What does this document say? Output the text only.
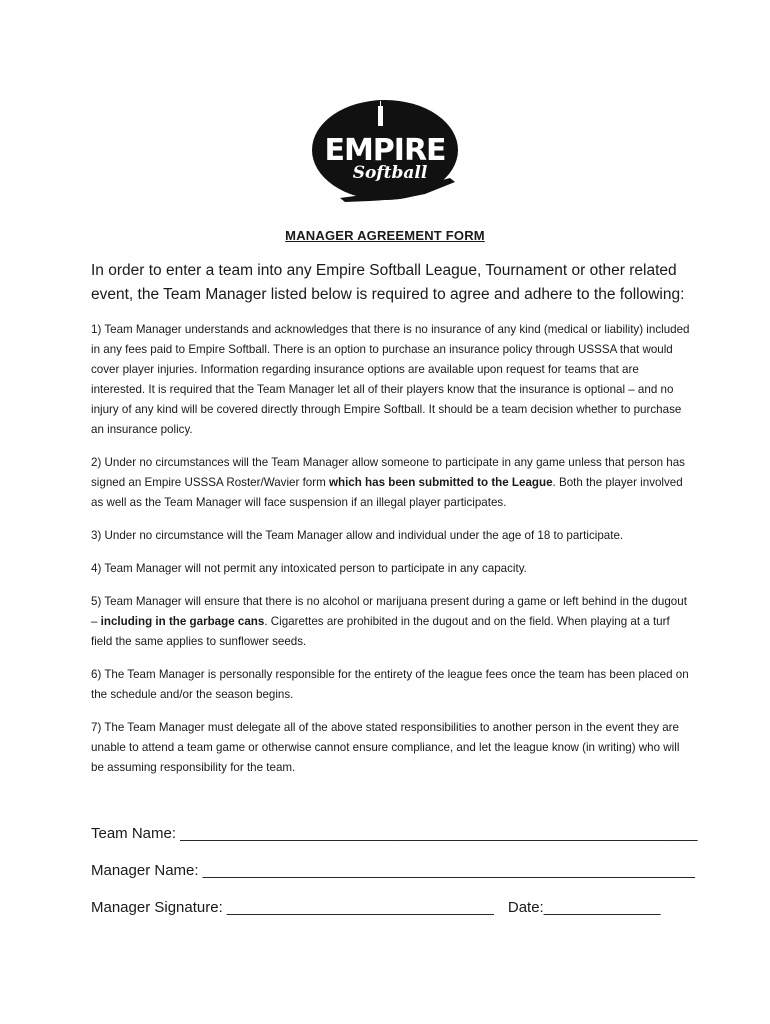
EMPIRE
Softball
MANAGER AGREEMENT FORM
In order to enter a team into any Empire Softball League, Tournament or other related event, the Team Manager listed below is required to agree and adhere to the following:

1) Team Manager understands and acknowledges that there is no insurance of any kind (medical or liability) included in any fees paid to Empire Softball. There is an option to purchase an insurance policy through USSSA that would cover player injuries. Information regarding insurance options are available upon request for teams that are interested. It is required that the Team Manager let all of their players know that the insurance is optional – and no injury of any kind will be covered directly through Empire Softball. It should be a team decision whether to purchase an insurance policy.

2) Under no circumstances will the Team Manager allow someone to participate in any game unless that person has signed an Empire USSSA Roster/Wavier form which has been submitted to the League. Both the player involved as well as the Team Manager will face suspension if an illegal player participates.

3) Under no circumstance will the Team Manager allow and individual under the age of 18 to participate.

4) Team Manager will not permit any intoxicated person to participate in any capacity.

5) Team Manager will ensure that there is no alcohol or marijuana present during a game or left behind in the dugout – including in the garbage cans. Cigarettes are prohibited in the dugout and on the field. When playing at a turf field the same applies to sunflower seeds.

6) The Team Manager is personally responsible for the entirety of the league fees once the team has been placed on the schedule and/or the season begins.

7) The Team Manager must delegate all of the above stated responsibilities to another person in the event they are unable to attend a team game or otherwise cannot ensure compliance, and let the league know (in writing) who will be assuming responsibility for the team.

Team Name: ______________________________________________________________
Manager Name: ___________________________________________________________
Manager Signature: ________________________________ Date:______________
